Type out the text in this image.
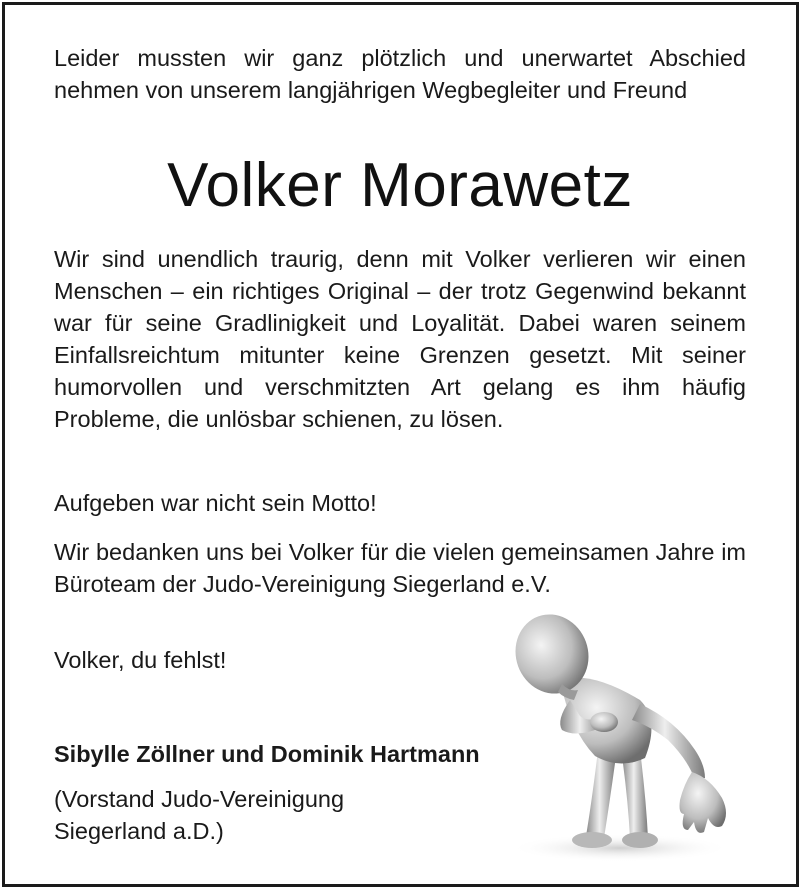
Leider mussten wir ganz plötzlich und unerwartet Abschied nehmen von unserem langjährigen Wegbegleiter und Freund
Volker Morawetz
Wir sind unendlich traurig, denn mit Volker verlieren wir einen Menschen – ein richtiges Original – der trotz Gegenwind bekannt war für seine Gradlinigkeit und Loyalität. Dabei waren seinem Einfallsreichtum mitunter keine Grenzen gesetzt. Mit seiner humorvollen und verschmitzten Art gelang es ihm häufig Probleme, die unlösbar schienen, zu lösen.
Aufgeben war nicht sein Motto!
Wir bedanken uns bei Volker für die vielen gemeinsamen Jahre im Büroteam der Judo-Vereinigung Siegerland e.V.
Volker, du fehlst!
Sibylle Zöllner und Dominik Hartmann
(Vorstand Judo-Vereinigung
Siegerland a.D.)
